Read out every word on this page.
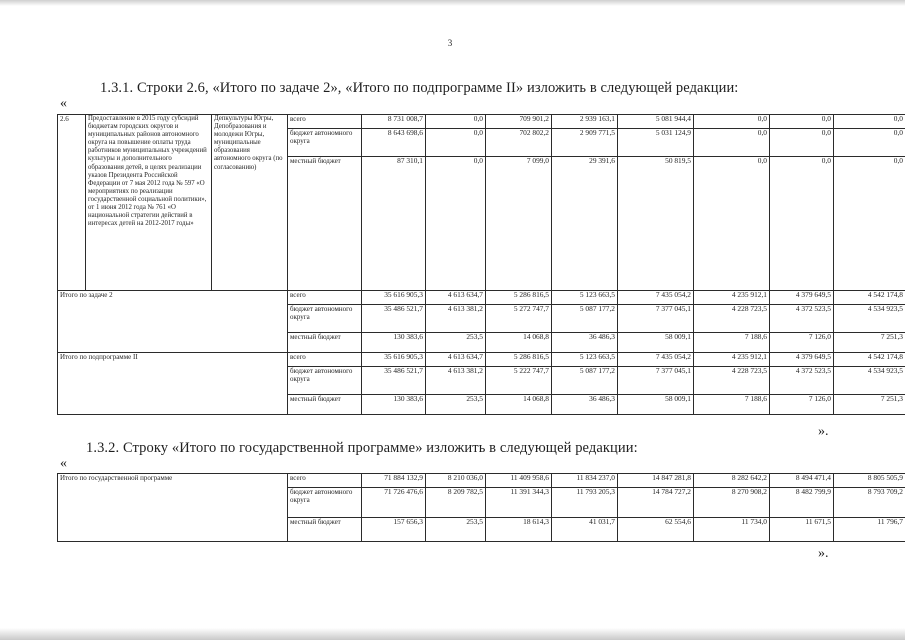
3
1.3.1. Строки 2.6, «Итого по задаче 2», «Итого по подпрограмме II» изложить в следующей редакции:
«
2.6	Предоставление в 2015 году субсидий бюджетам городских округов и муниципальных районов автономного округа на повышение оплаты труда работников муниципальных учреждений культуры и дополнительного образования детей, в целях реализации указов Президента Российской Федерации от 7 мая 2012 года № 597 «О мероприятиях по реализации государственной социальной политики», от 1 июня 2012 года № 761 «О национальной стратегии действий в интересах детей на 2012-2017 годы»	Депкультуры Югры, Депобразования и молодежи Югры, муниципальные образования автономного округа (по согласованию)	всего	8 731 008,7	0,0	709 901,2	2 939 163,1	5 081 944,4	0,0	0,0	0,0
			бюджет автономного округа	8 643 698,6	0,0	702 802,2	2 909 771,5	5 031 124,9	0,0	0,0	0,0
			местный бюджет	87 310,1	0,0	7 099,0	29 391,6	50 819,5	0,0	0,0	0,0
Итого по задаче 2			всего	35 616 905,3	4 613 634,7	5 286 816,5	5 123 663,5	7 435 054,2	4 235 912,1	4 379 649,5	4 542 174,8
			бюджет автономного округа	35 486 521,7	4 613 381,2	5 272 747,7	5 087 177,2	7 377 045,1	4 228 723,5	4 372 523,5	4 534 923,5
			местный бюджет	130 383,6	253,5	14 068,8	36 486,3	58 009,1	7 188,6	7 126,0	7 251,3
Итого по подпрограмме II			всего	35 616 905,3	4 613 634,7	5 286 816,5	5 123 663,5	7 435 054,2	4 235 912,1	4 379 649,5	4 542 174,8
			бюджет автономного округа	35 486 521,7	4 613 381,2	5 222 747,7	5 087 177,2	7 377 045,1	4 228 723,5	4 372 523,5	4 534 923,5
			местный бюджет	130 383,6	253,5	14 068,8	36 486,3	58 009,1	7 188,6	7 126,0	7 251,3
».
1.3.2. Строку «Итого по государственной программе» изложить в следующей редакции:
«
Итого по государственной программе	всего	71 884 132,9	8 210 036,0	11 409 958,6	11 834 237,0	14 847 281,8	8 282 642,2	8 494 471,4	8 805 505,9
	бюджет автономного округа	71 726 476,6	8 209 782,5	11 391 344,3	11 793 205,3	14 784 727,2	8 270 908,2	8 482 799,9	8 793 709,2
	местный бюджет	157 656,3	253,5	18 614,3	41 031,7	62 554,6	11 734,0	11 671,5	11 796,7
».
